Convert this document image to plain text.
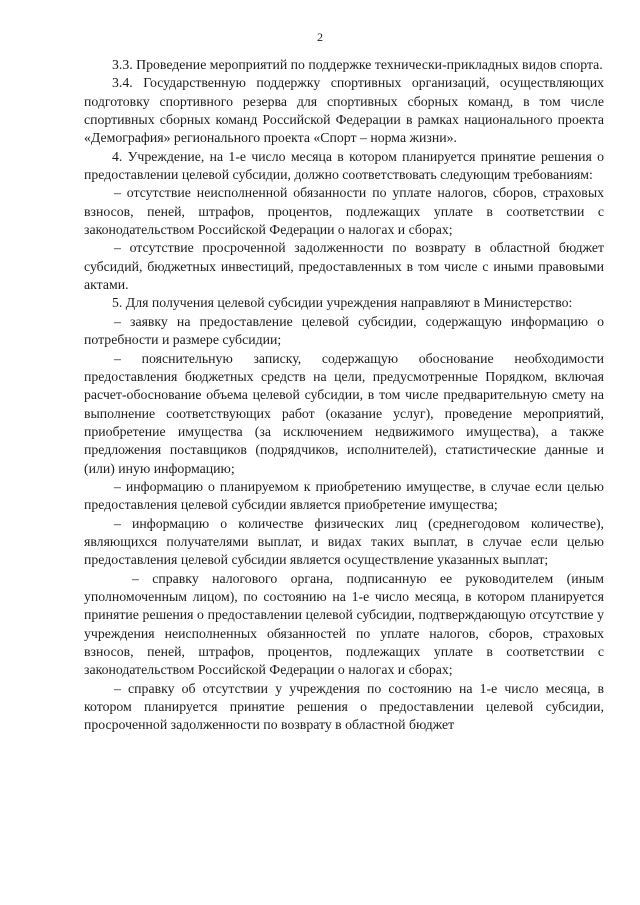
2

3.3. Проведение мероприятий по поддержке технически-прикладных видов спорта.

3.4. Государственную поддержку спортивных организаций, осуществляющих подготовку спортивного резерва для спортивных сборных команд, в том числе спортивных сборных команд Российской Федерации в рамках национального проекта «Демография» регионального проекта «Спорт – норма жизни».

4. Учреждение, на 1-е число месяца в котором планируется принятие решения о предоставлении целевой субсидии, должно соответствовать следующим требованиям:

– отсутствие неисполненной обязанности по уплате налогов, сборов, страховых взносов, пеней, штрафов, процентов, подлежащих уплате в соответствии с законодательством Российской Федерации о налогах и сборах;

– отсутствие просроченной задолженности по возврату в областной бюджет субсидий, бюджетных инвестиций, предоставленных в том числе с иными правовыми актами.

5. Для получения целевой субсидии учреждения направляют в Министерство:

– заявку на предоставление целевой субсидии, содержащую информацию о потребности и размере субсидии;

– пояснительную записку, содержащую обоснование необходимости предоставления бюджетных средств на цели, предусмотренные Порядком, включая расчет-обоснование объема целевой субсидии, в том числе предварительную смету на выполнение соответствующих работ (оказание услуг), проведение мероприятий, приобретение имущества (за исключением недвижимого имущества), а также предложения поставщиков (подрядчиков, исполнителей), статистические данные и (или) иную информацию;

– информацию о планируемом к приобретению имуществе, в случае если целью предоставления целевой субсидии является приобретение имущества;

– информацию о количестве физических лиц (среднегодовом количестве), являющихся получателями выплат, и видах таких выплат, в случае если целью предоставления целевой субсидии является осуществление указанных выплат;

– справку налогового органа, подписанную ее руководителем (иным уполномоченным лицом), по состоянию на 1-е число месяца, в котором планируется принятие решения о предоставлении целевой субсидии, подтверждающую отсутствие у учреждения неисполненных обязанностей по уплате налогов, сборов, страховых взносов, пеней, штрафов, процентов, подлежащих уплате в соответствии с законодательством Российской Федерации о налогах и сборах;

– справку об отсутствии у учреждения по состоянию на 1-е число месяца, в котором планируется принятие решения о предоставлении целевой субсидии, просроченной задолженности по возврату в областной бюджет
